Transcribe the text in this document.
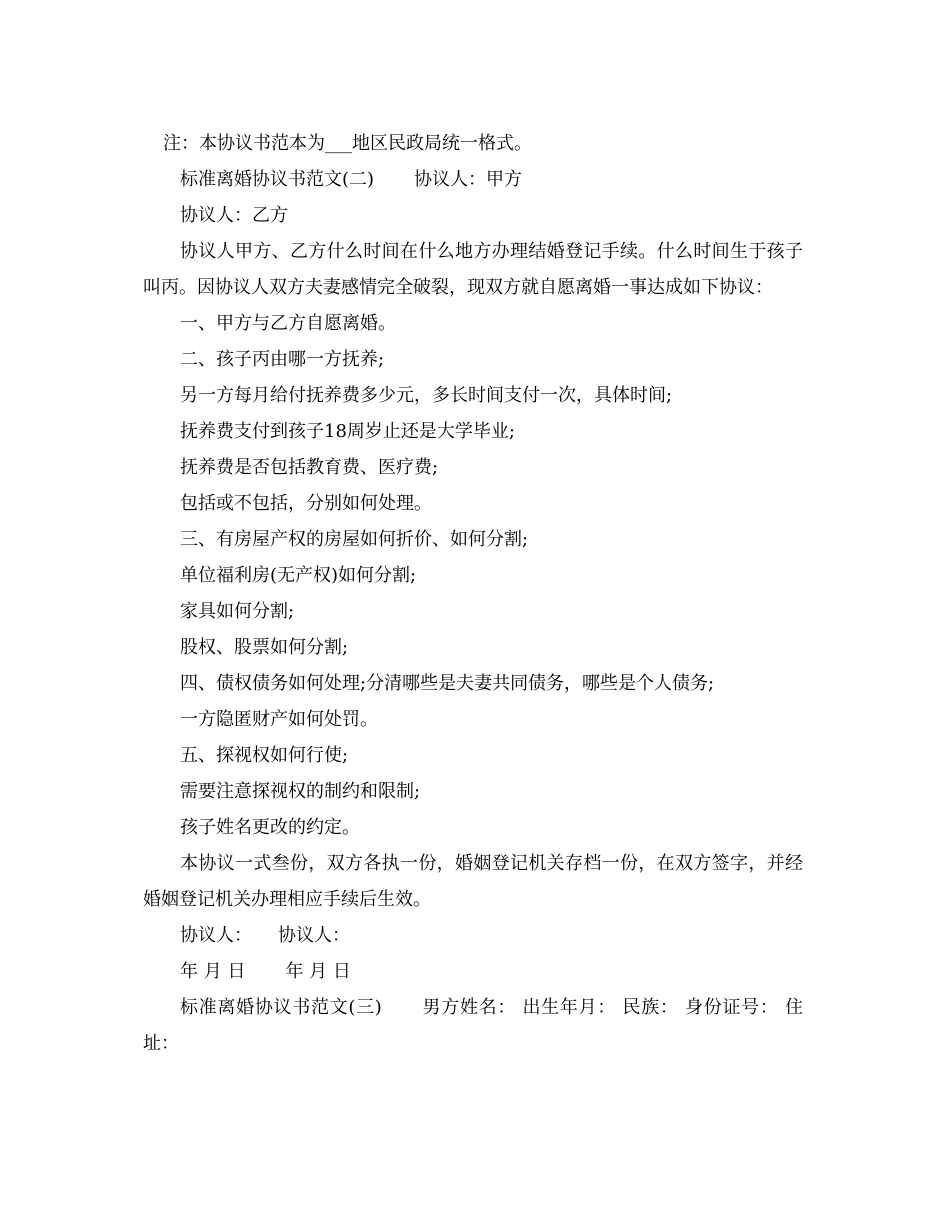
注：本协议书范本为___地区民政局统一格式。

标准离婚协议书范文(二) 协议人：甲方

协议人：乙方

协议人甲方、乙方什么时间在什么地方办理结婚登记手续。什么时间生于孩子叫丙。因协议人双方夫妻感情完全破裂，现双方就自愿离婚一事达成如下协议：

一、甲方与乙方自愿离婚。

二、孩子丙由哪一方抚养;

另一方每月给付抚养费多少元，多长时间支付一次，具体时间;

抚养费支付到孩子18周岁止还是大学毕业;

抚养费是否包括教育费、医疗费;

包括或不包括，分别如何处理。

三、有房屋产权的房屋如何折价、如何分割;

单位福利房(无产权)如何分割;

家具如何分割;

股权、股票如何分割;

四、债权债务如何处理;分清哪些是夫妻共同债务，哪些是个人债务;

一方隐匿财产如何处罚。

五、探视权如何行使;

需要注意探视权的制约和限制;

孩子姓名更改的约定。

本协议一式叁份，双方各执一份，婚姻登记机关存档一份，在双方签字，并经婚姻登记机关办理相应手续后生效。

协议人： 协议人：

年 月 日 年 月 日

标准离婚协议书范文(三) 男方姓名： 出生年月： 民族： 身份证号： 住址：
